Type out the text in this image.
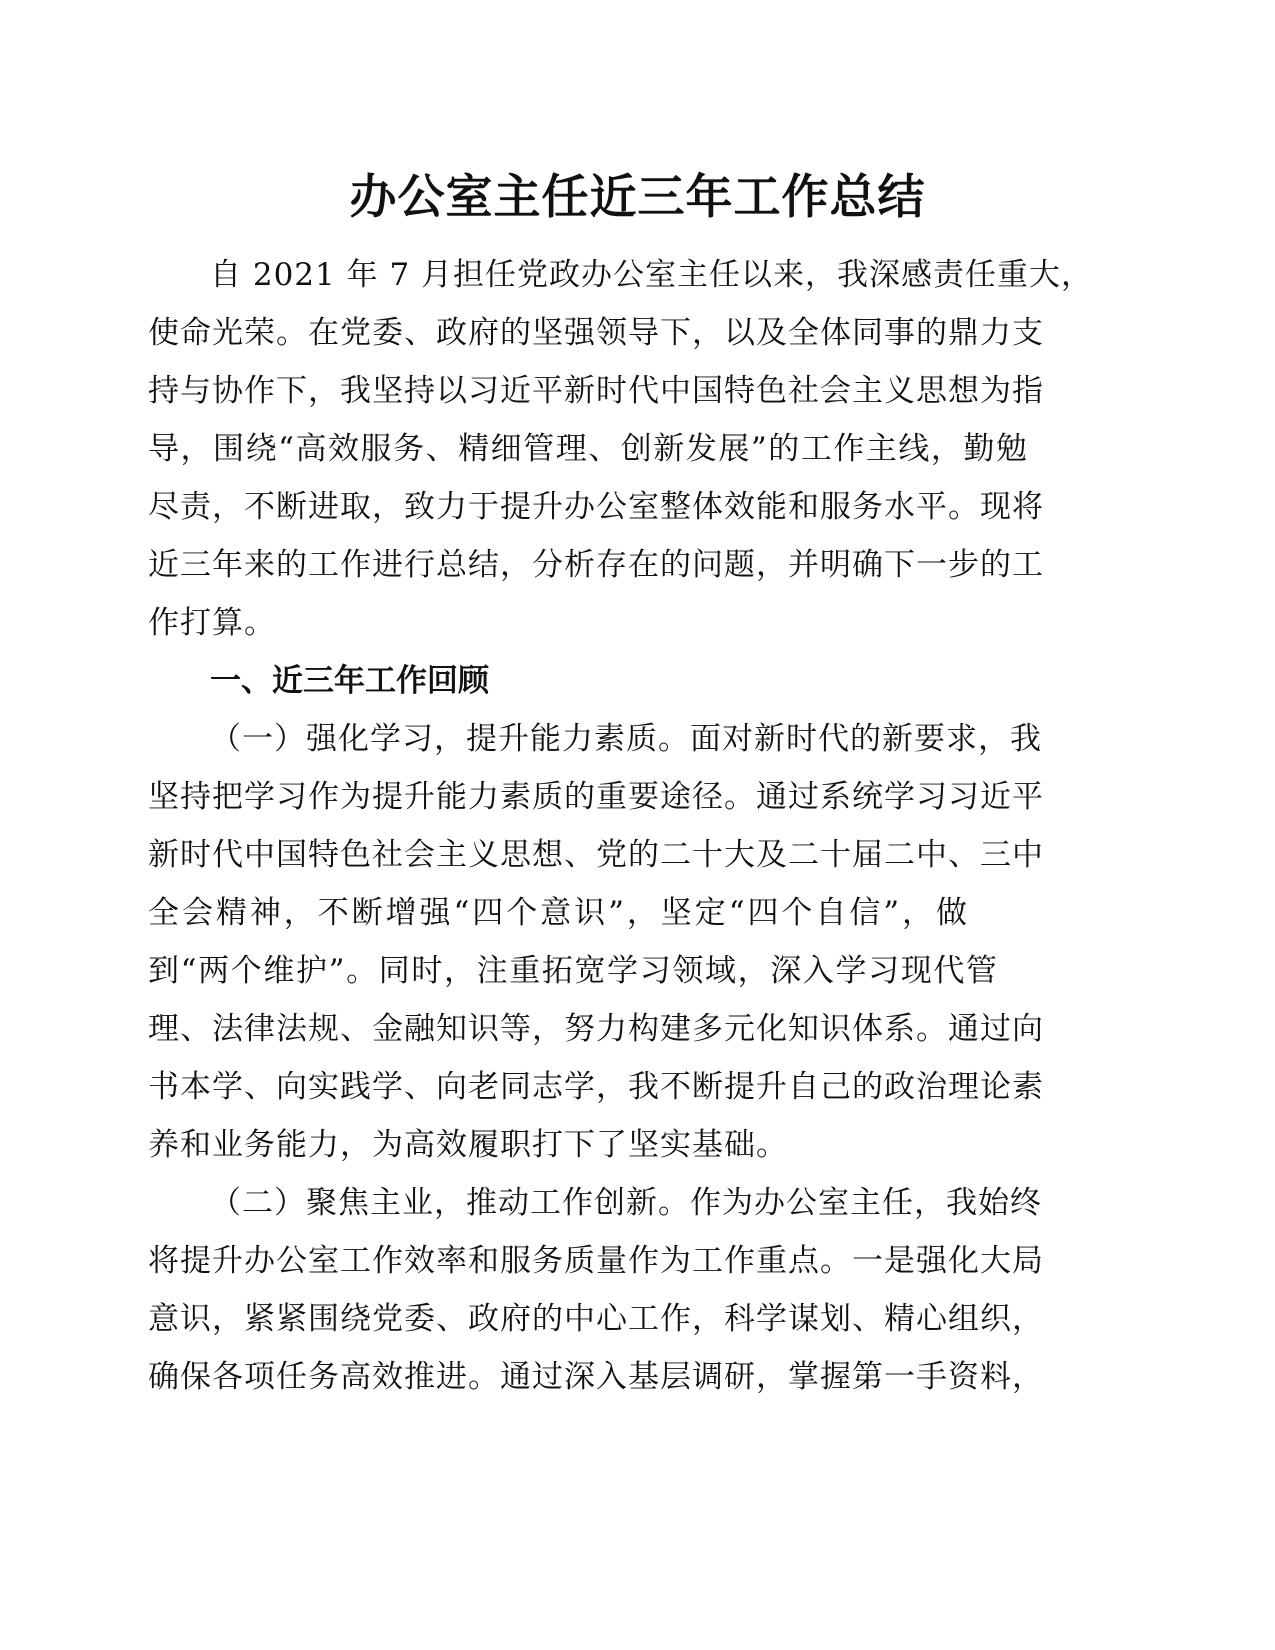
办公室主任近三年工作总结
自 2021 年 7 月担任党政办公室主任以来，我深感责任重大，
使命光荣。在党委、政府的坚强领导下，以及全体同事的鼎力支
持与协作下，我坚持以习近平新时代中国特色社会主义思想为指
导，围绕“高效服务、精细管理、创新发展”的工作主线，勤勉
尽责，不断进取，致力于提升办公室整体效能和服务水平。现将
近三年来的工作进行总结，分析存在的问题，并明确下一步的工
作打算。
一、近三年工作回顾
（一）强化学习，提升能力素质。面对新时代的新要求，我
坚持把学习作为提升能力素质的重要途径。通过系统学习习近平
新时代中国特色社会主义思想、党的二十大及二十届二中、三中
全会精神，不断增强“四个意识”，坚定“四个自信”，做
到“两个维护”。同时，注重拓宽学习领域，深入学习现代管
理、法律法规、金融知识等，努力构建多元化知识体系。通过向
书本学、向实践学、向老同志学，我不断提升自己的政治理论素
养和业务能力，为高效履职打下了坚实基础。
（二）聚焦主业，推动工作创新。作为办公室主任，我始终
将提升办公室工作效率和服务质量作为工作重点。一是强化大局
意识，紧紧围绕党委、政府的中心工作，科学谋划、精心组织，
确保各项任务高效推进。通过深入基层调研，掌握第一手资料，
